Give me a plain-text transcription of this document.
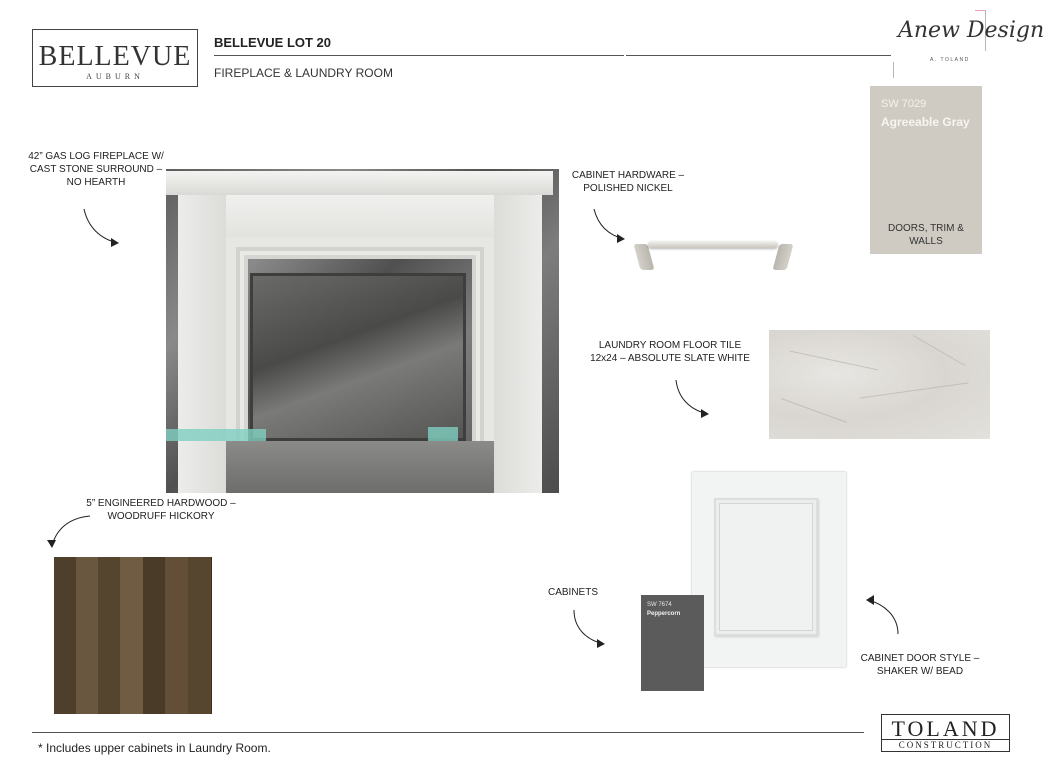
BELLEVUE
AUBURN
BELLEVUE LOT 20
FIREPLACE & LAUNDRY ROOM
Anew Design
A. TOLAND
SW 7029
Agreeable Gray
DOORS, TRIM & WALLS
42” GAS LOG FIREPLACE W/ CAST STONE SURROUND – NO HEARTH
CABINET HARDWARE – POLISHED NICKEL
LAUNDRY ROOM FLOOR TILE 12x24 – ABSOLUTE SLATE WHITE
5” ENGINEERED HARDWOOD – WOODRUFF HICKORY
CABINETS
SW 7674
Peppercorn
CABINET DOOR STYLE – SHAKER W/ BEAD
* Includes upper cabinets in Laundry Room.
TOLAND
CONSTRUCTION
